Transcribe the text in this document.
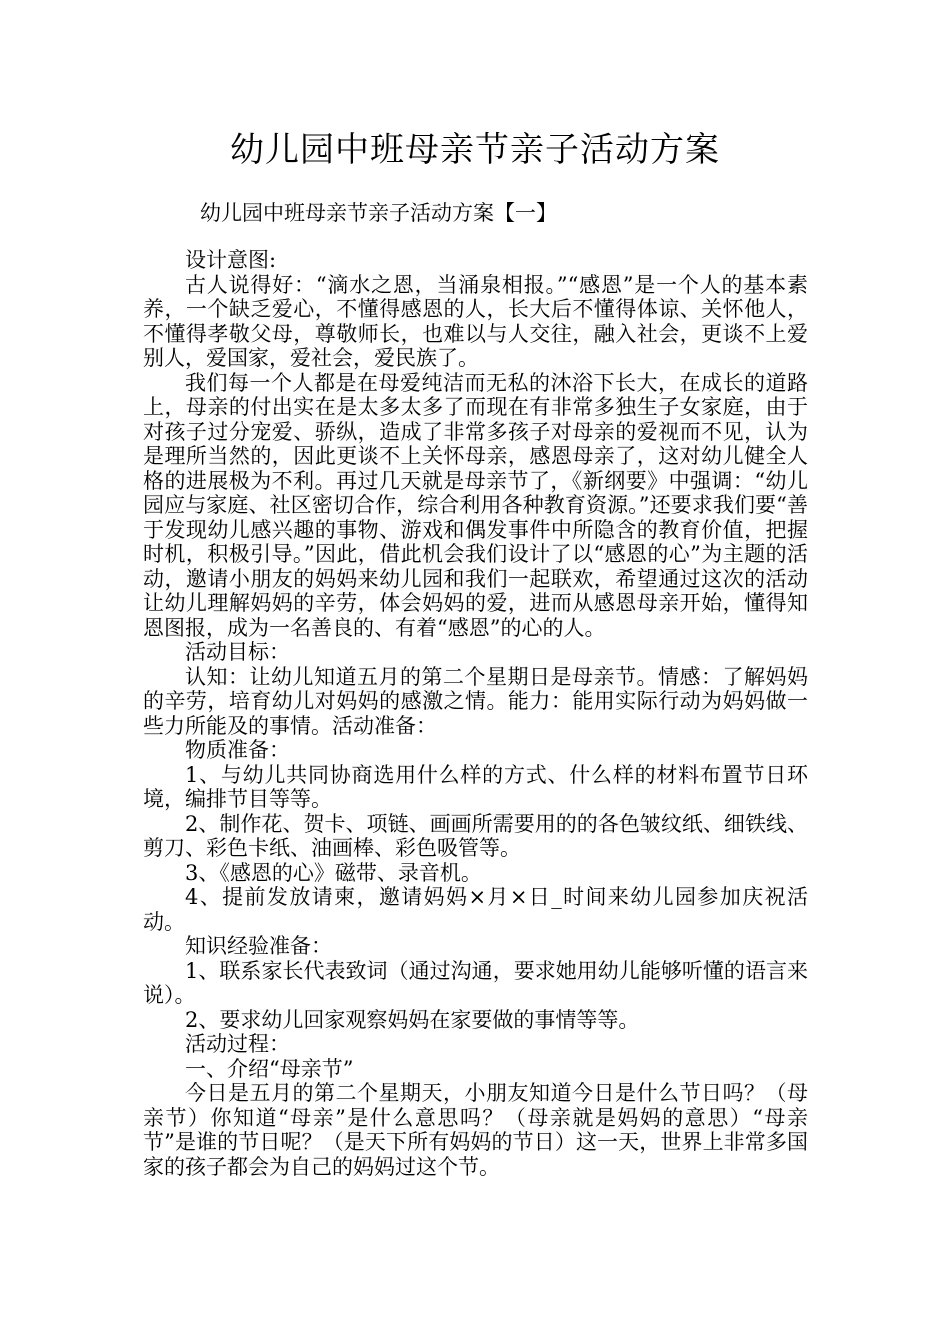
幼儿园中班母亲节亲子活动方案

幼儿园中班母亲节亲子活动方案【一】

设计意图:

古人说得好：“滴水之恩，当涌泉相报。”“感恩”是一个人的基本素养，一个缺乏爱心，不懂得感恩的人，长大后不懂得体谅、关怀他人，不懂得孝敬父母，尊敬师长，也难以与人交往，融入社会，更谈不上爱别人，爱国家，爱社会，爱民族了。

我们每一个人都是在母爱纯洁而无私的沐浴下长大，在成长的道路上，母亲的付出实在是太多太多了而现在有非常多独生子女家庭，由于对孩子过分宠爱、骄纵，造成了非常多孩子对母亲的爱视而不见，认为是理所当然的，因此更谈不上关怀母亲，感恩母亲了，这对幼儿健全人格的进展极为不利。再过几天就是母亲节了，《新纲要》中强调：“幼儿园应与家庭、社区密切合作，综合利用各种教育资源。”还要求我们要“善于发现幼儿感兴趣的事物、游戏和偶发事件中所隐含的教育价值，把握时机，积极引导。”因此，借此机会我们设计了以“感恩的心”为主题的活动，邀请小朋友的妈妈来幼儿园和我们一起联欢，希望通过这次的活动让幼儿理解妈妈的辛劳，体会妈妈的爱，进而从感恩母亲开始，懂得知恩图报，成为一名善良的、有着“感恩”的心的人。

活动目标：

认知：让幼儿知道五月的第二个星期日是母亲节。情感：了解妈妈的辛劳，培育幼儿对妈妈的感激之情。能力：能用实际行动为妈妈做一些力所能及的事情。活动准备：

物质准备：

1、与幼儿共同协商选用什么样的方式、什么样的材料布置节日环境，编排节目等等。

2、制作花、贺卡、项链、画画所需要用的的各色皱纹纸、细铁线、剪刀、彩色卡纸、油画棒、彩色吸管等。

3、《感恩的心》磁带、录音机。

4、提前发放请柬，邀请妈妈×月×日_时间来幼儿园参加庆祝活动。

知识经验准备：

1、联系家长代表致词（通过沟通，要求她用幼儿能够听懂的语言来说）。

2、要求幼儿回家观察妈妈在家要做的事情等等。

活动过程：

一、介绍“母亲节”

今日是五月的第二个星期天，小朋友知道今日是什么节日吗？（母亲节）你知道“母亲”是什么意思吗？（母亲就是妈妈的意思）“母亲节”是谁的节日呢？（是天下所有妈妈的节日）这一天，世界上非常多国家的孩子都会为自己的妈妈过这个节。
